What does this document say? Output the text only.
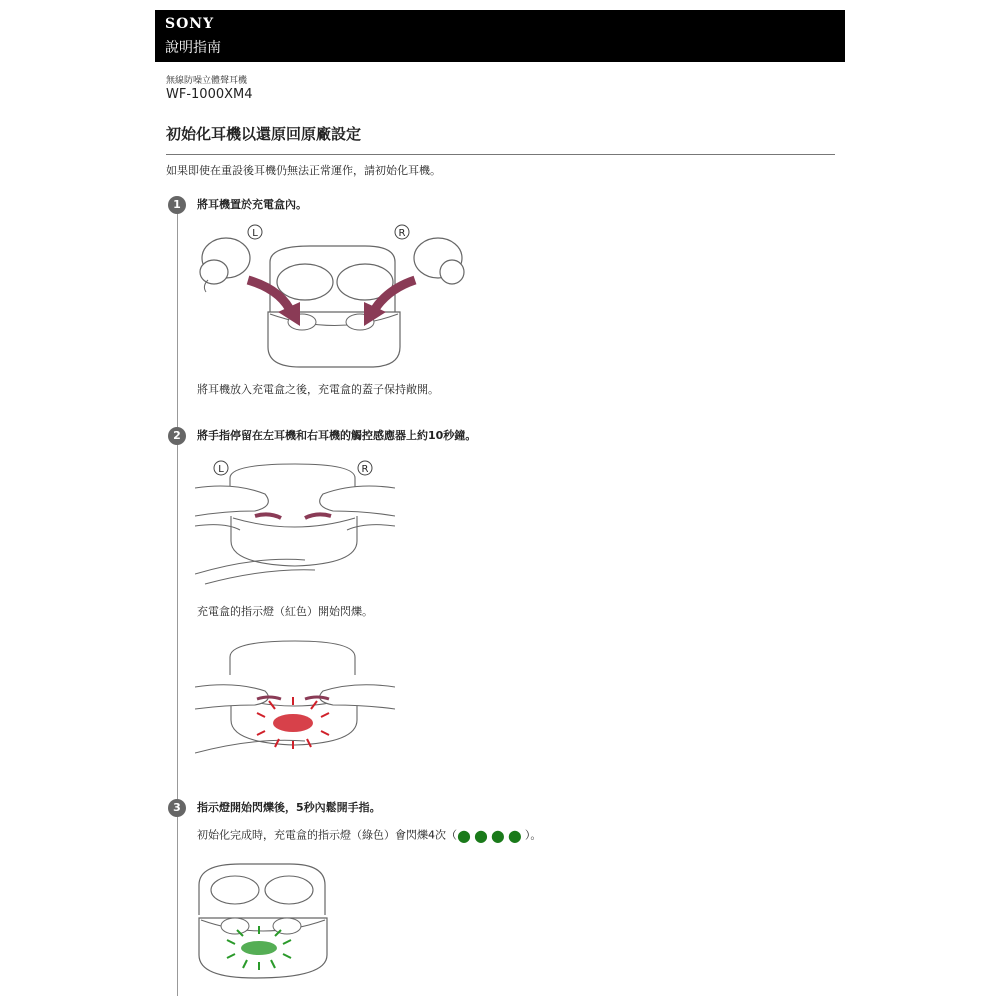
SONY
說明指南
無線防噪立體聲耳機
WF-1000XM4
初始化耳機以還原回原廠設定
如果即使在重設後耳機仍無法正常運作，請初始化耳機。
1	將耳機置於充電盒內。
L	R
將耳機放入充電盒之後，充電盒的蓋子保持敞開。
2	將手指停留在左耳機和右耳機的觸控感應器上約10秒鐘。
L	R
充電盒的指示燈（紅色）開始閃爍。
3	指示燈開始閃爍後，5秒內鬆開手指。
初始化完成時，充電盒的指示燈（綠色）會閃爍4次（●●●●）。
